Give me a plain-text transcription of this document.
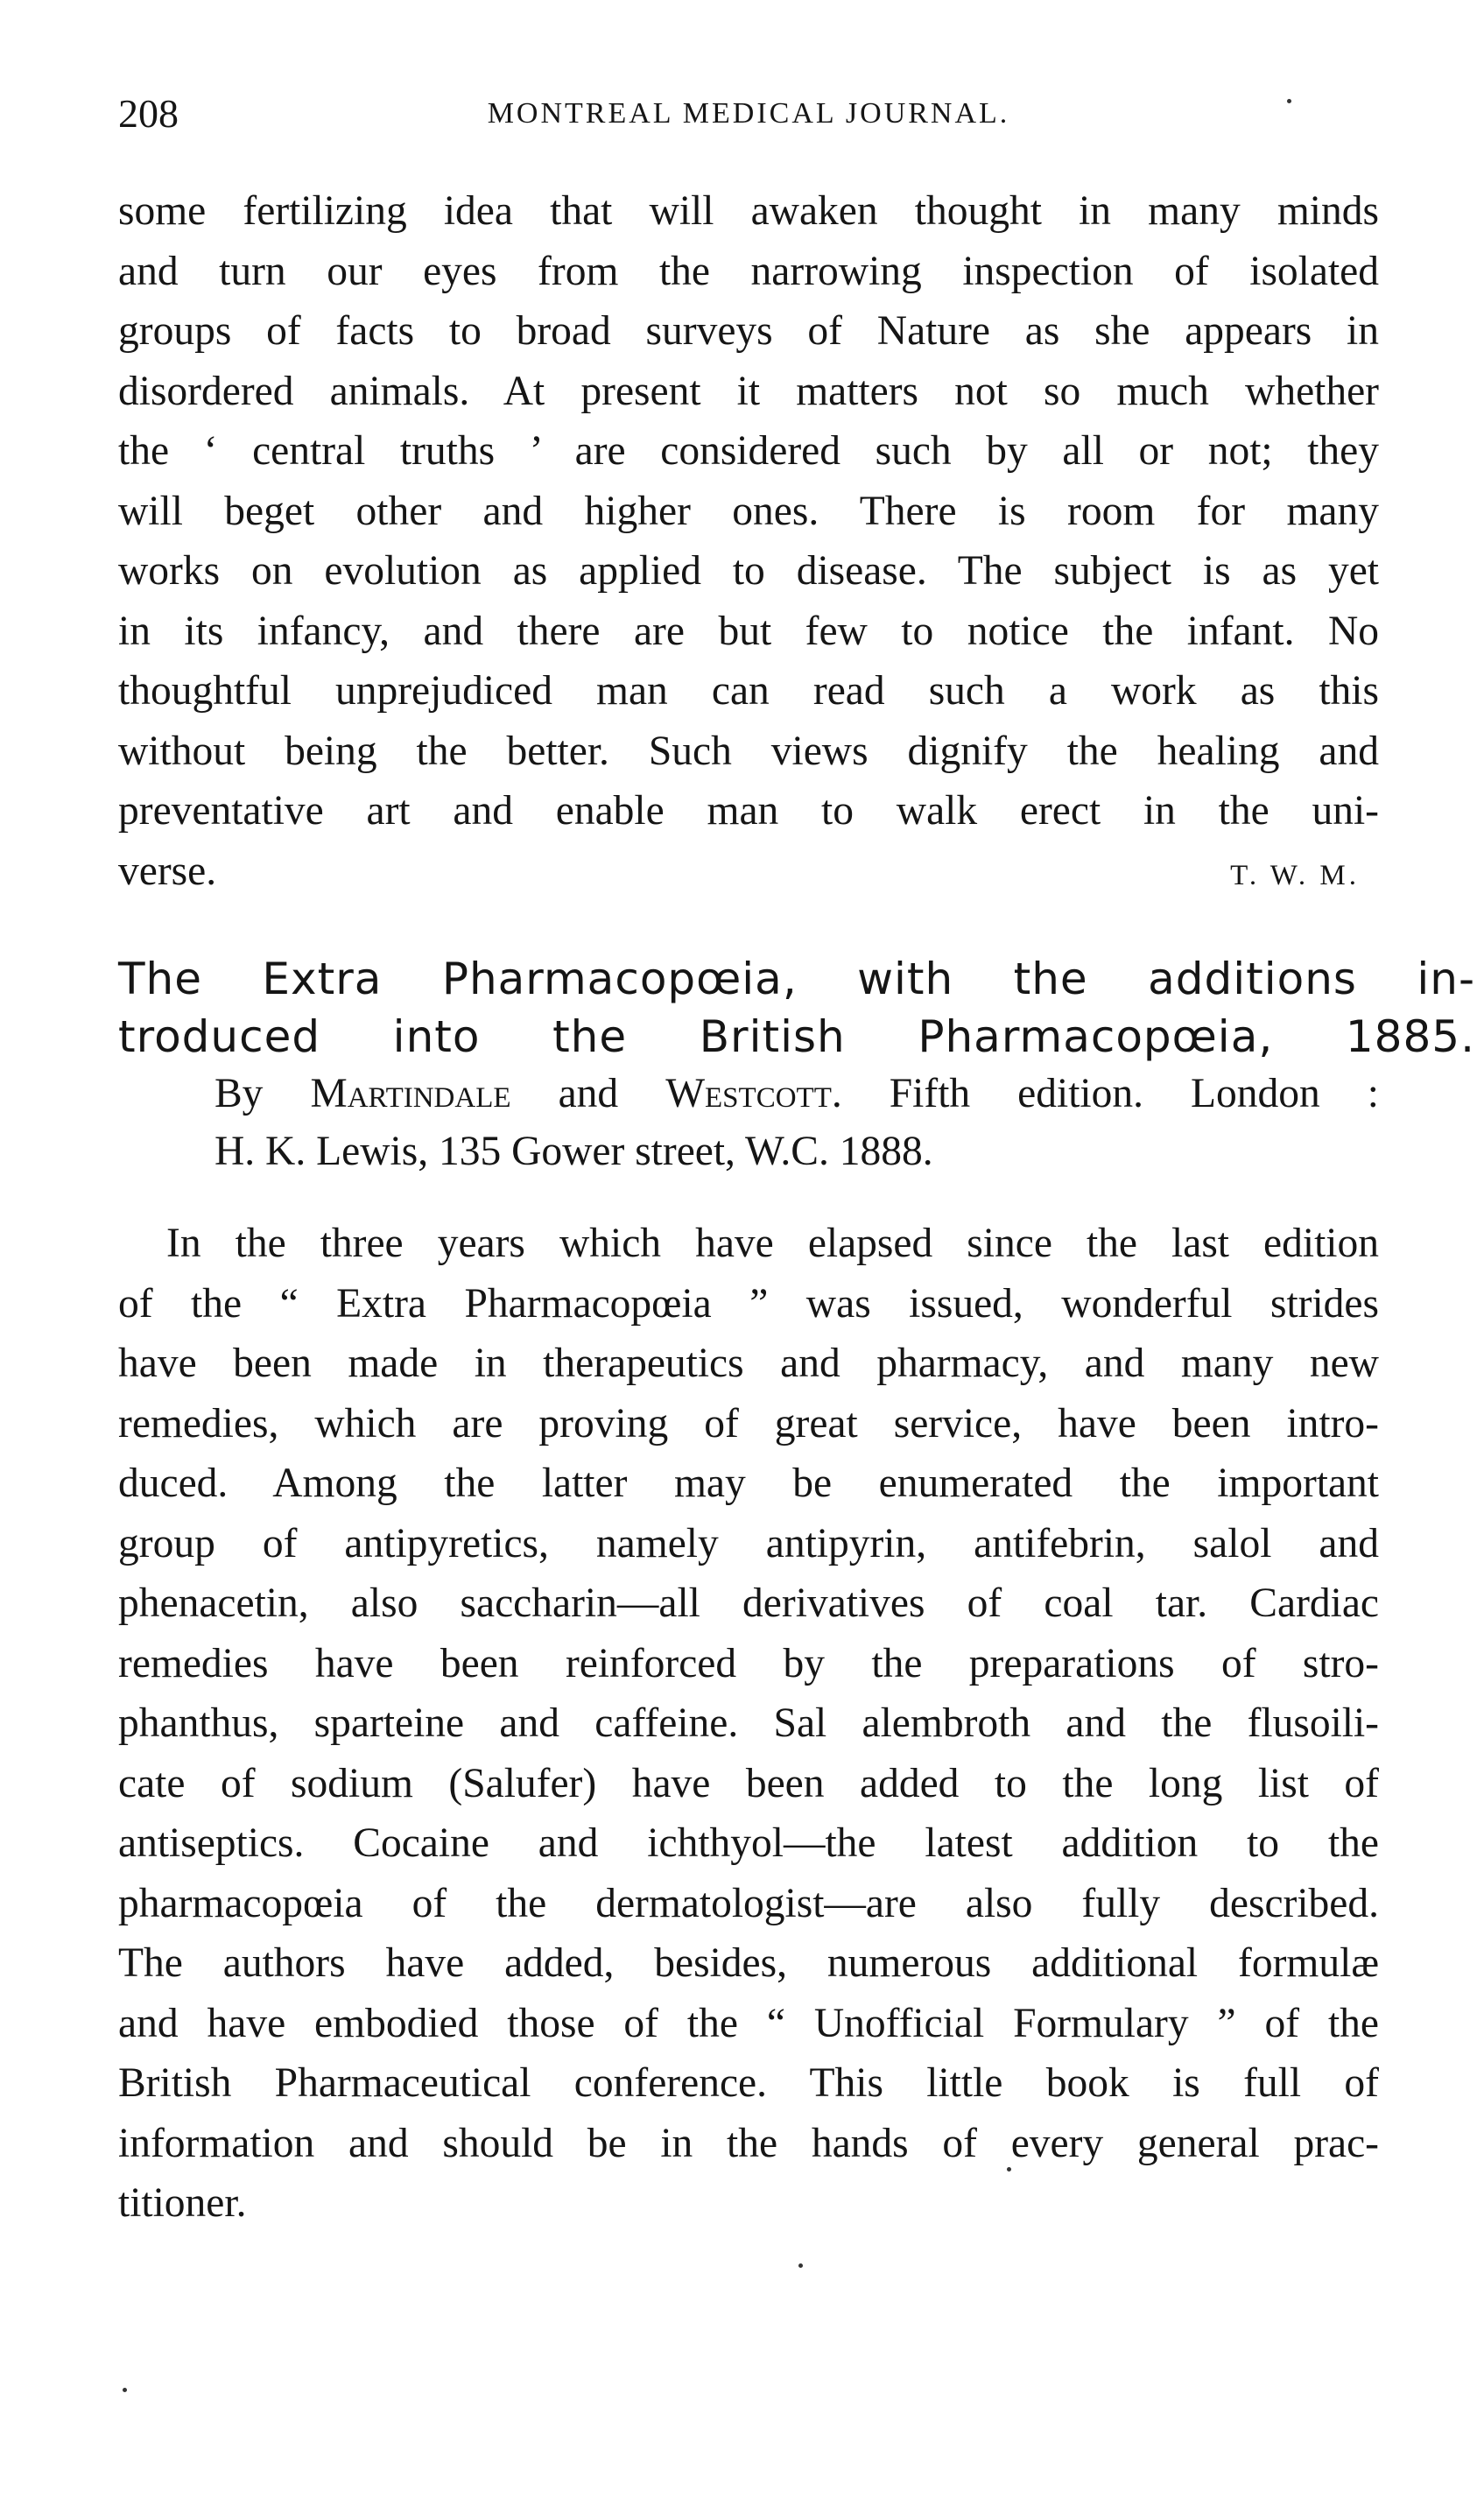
208	MONTREAL MEDICAL JOURNAL.
some fertilizing idea that will awaken thought in many minds
and turn our eyes from the narrowing inspection of isolated
groups of facts to broad surveys of Nature as she appears in
disordered animals. At present it matters not so much whether
the ‘ central truths ’ are considered such by all or not; they
will beget other and higher ones. There is room for many
works on evolution as applied to disease. The subject is as yet
in its infancy, and there are but few to notice the infant. No
thoughtful unprejudiced man can read such a work as this
without being the better. Such views dignify the healing and
preventative art and enable man to walk erect in the uni-
verse.	T. W. M.
The Extra Pharmacopœia, with the additions in-
troduced into the British Pharmacopœia, 1885.
By Martindale and Westcott. Fifth edition. London :
H. K. Lewis, 135 Gower street, W.C. 1888.
In the three years which have elapsed since the last edition
of the “ Extra Pharmacopœia ” was issued, wonderful strides
have been made in therapeutics and pharmacy, and many new
remedies, which are proving of great service, have been intro-
duced. Among the latter may be enumerated the important
group of antipyretics, namely antipyrin, antifebrin, salol and
phenacetin, also saccharin—all derivatives of coal tar. Cardiac
remedies have been reinforced by the preparations of stro-
phanthus, sparteine and caffeine. Sal alembroth and the flusoili-
cate of sodium (Salufer) have been added to the long list of
antiseptics. Cocaine and ichthyol—the latest addition to the
pharmacopœia of the dermatologist—are also fully described.
The authors have added, besides, numerous additional formulæ
and have embodied those of the “ Unofficial Formulary ” of the
British Pharmaceutical conference. This little book is full of
information and should be in the hands of every general prac-
titioner.
